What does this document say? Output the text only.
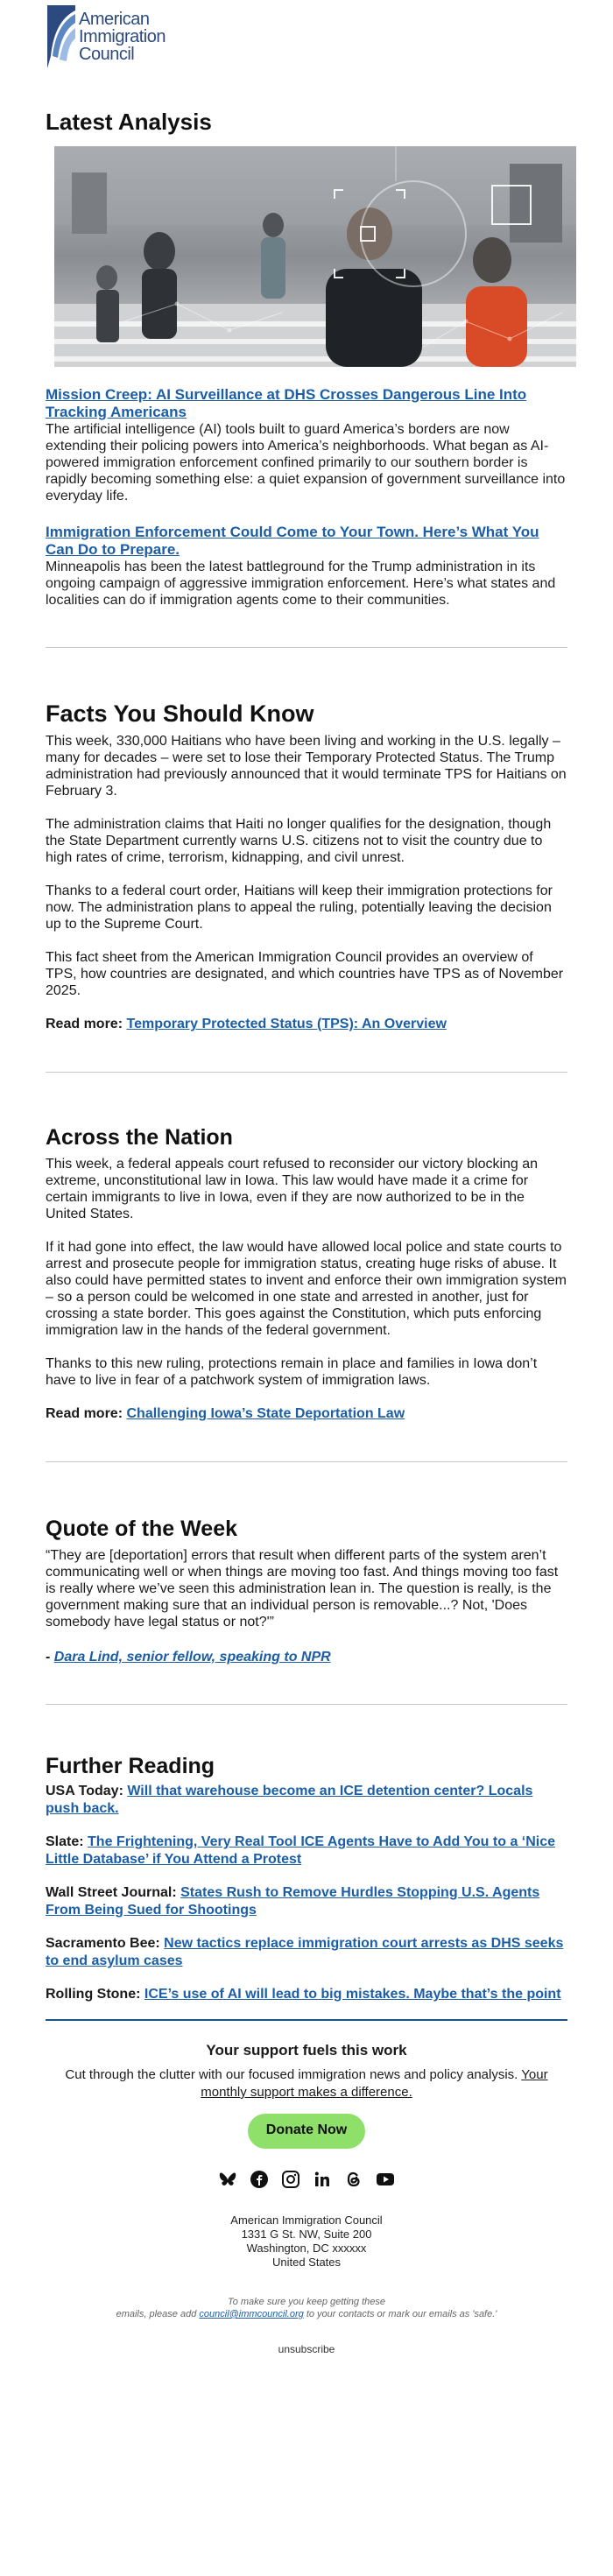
American
Immigration
Council
Latest Analysis
Mission Creep: AI Surveillance at DHS Crosses Dangerous Line Into Tracking Americans

The artificial intelligence (AI) tools built to guard America’s borders are now extending their policing powers into America’s neighborhoods. What began as AI-powered immigration enforcement confined primarily to our southern border is rapidly becoming something else: a quiet expansion of government surveillance into everyday life.

Immigration Enforcement Could Come to Your Town. Here’s What You Can Do to Prepare.

Minneapolis has been the latest battleground for the Trump administration in its ongoing campaign of aggressive immigration enforcement. Here’s what states and localities can do if immigration agents come to their communities.

Facts You Should Know

This week, 330,000 Haitians who have been living and working in the U.S. legally – many for decades – were set to lose their Temporary Protected Status. The Trump administration had previously announced that it would terminate TPS for Haitians on February 3.

The administration claims that Haiti no longer qualifies for the designation, though the State Department currently warns U.S. citizens not to visit the country due to high rates of crime, terrorism, kidnapping, and civil unrest.

Thanks to a federal court order, Haitians will keep their immigration protections for now. The administration plans to appeal the ruling, potentially leaving the decision up to the Supreme Court.

This fact sheet from the American Immigration Council provides an overview of TPS, how countries are designated, and which countries have TPS as of November 2025.

Read more: Temporary Protected Status (TPS): An Overview

Across the Nation

This week, a federal appeals court refused to reconsider our victory blocking an extreme, unconstitutional law in Iowa. This law would have made it a crime for certain immigrants to live in Iowa, even if they are now authorized to be in the United States.

If it had gone into effect, the law would have allowed local police and state courts to arrest and prosecute people for immigration status, creating huge risks of abuse. It also could have permitted states to invent and enforce their own immigration system – so a person could be welcomed in one state and arrested in another, just for crossing a state border. This goes against the Constitution, which puts enforcing immigration law in the hands of the federal government.

Thanks to this new ruling, protections remain in place and families in Iowa don’t have to live in fear of a patchwork system of immigration laws.

Read more: Challenging Iowa’s State Deportation Law

Quote of the Week

“They are [deportation] errors that result when different parts of the system aren’t communicating well or when things are moving too fast. And things moving too fast is really where we’ve seen this administration lean in. The question is really, is the government making sure that an individual person is removable...? Not, 'Does somebody have legal status or not?'”

- Dara Lind, senior fellow, speaking to NPR

Further Reading

USA Today: Will that warehouse become an ICE detention center? Locals push back.

Slate: The Frightening, Very Real Tool ICE Agents Have to Add You to a ‘Nice Little Database’ if You Attend a Protest

Wall Street Journal: States Rush to Remove Hurdles Stopping U.S. Agents From Being Sued for Shootings

Sacramento Bee: New tactics replace immigration court arrests as DHS seeks to end asylum cases

Rolling Stone: ICE’s use of AI will lead to big mistakes. Maybe that’s the point

Your support fuels this work

Cut through the clutter with our focused immigration news and policy analysis. Your monthly support makes a difference.

Donate Now
American Immigration Council
1331 G St. NW, Suite 200
Washington, DC xxxxxx
United States
To make sure you keep getting these
emails, please add council@immcouncil.org to your contacts or mark our emails as 'safe.'
unsubscribe
